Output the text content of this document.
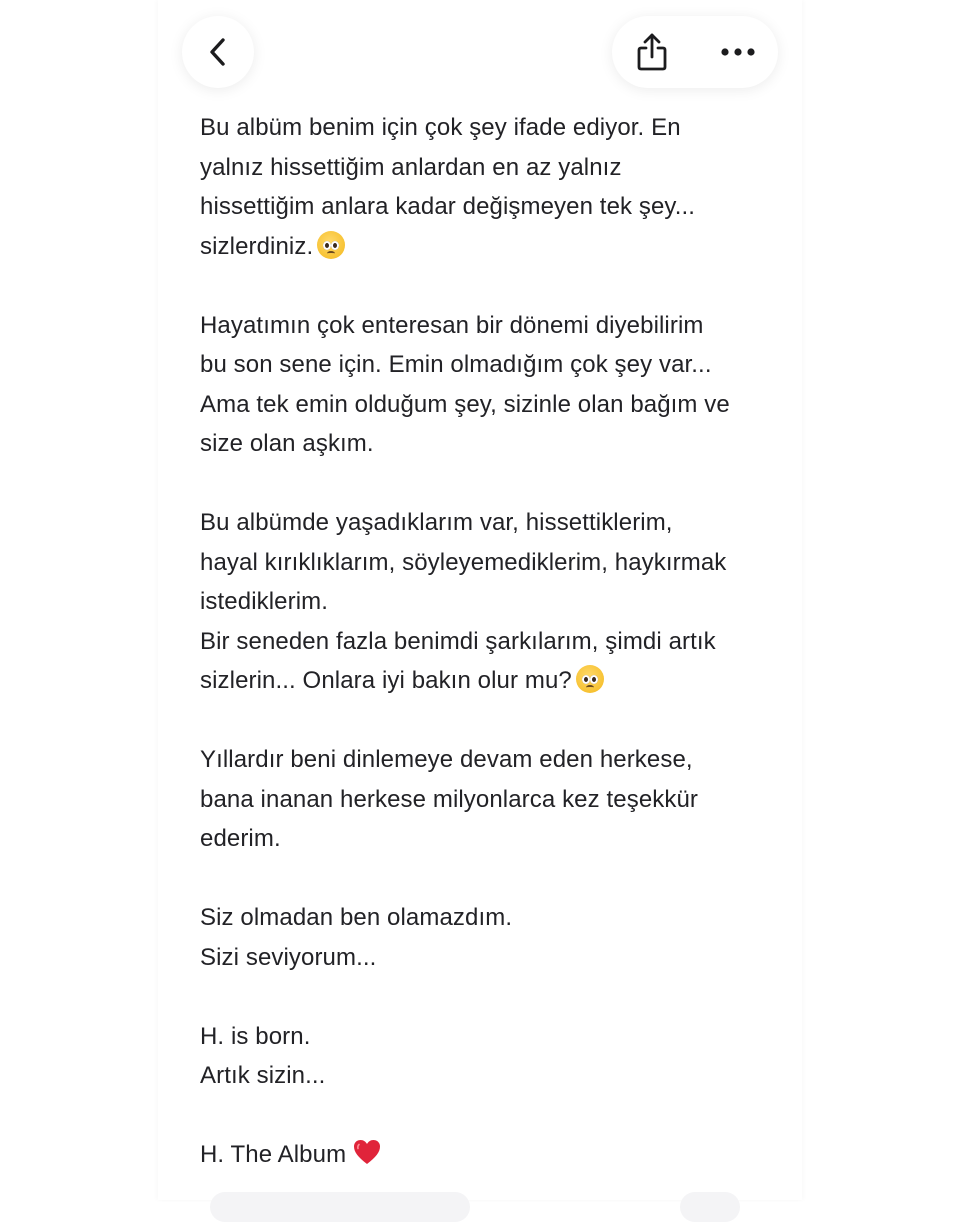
Bu albüm benim için çok şey ifade ediyor. En
yalnız hissettiğim anlardan en az yalnız
hissettiğim anlara kadar değişmeyen tek şey...
sizlerdiniz.
Hayatımın çok enteresan bir dönemi diyebilirim
bu son sene için. Emin olmadığım çok şey var...
Ama tek emin olduğum şey, sizinle olan bağım ve
size olan aşkım.
Bu albümde yaşadıklarım var, hissettiklerim,
hayal kırıklıklarım, söyleyemediklerim, haykırmak
istediklerim.
Bir seneden fazla benimdi şarkılarım, şimdi artık
sizlerin... Onlara iyi bakın olur mu?
Yıllardır beni dinlemeye devam eden herkese,
bana inanan herkese milyonlarca kez teşekkür
ederim.
Siz olmadan ben olamazdım.
Sizi seviyorum...
H. is born.
Artık sizin...
H. The Album
